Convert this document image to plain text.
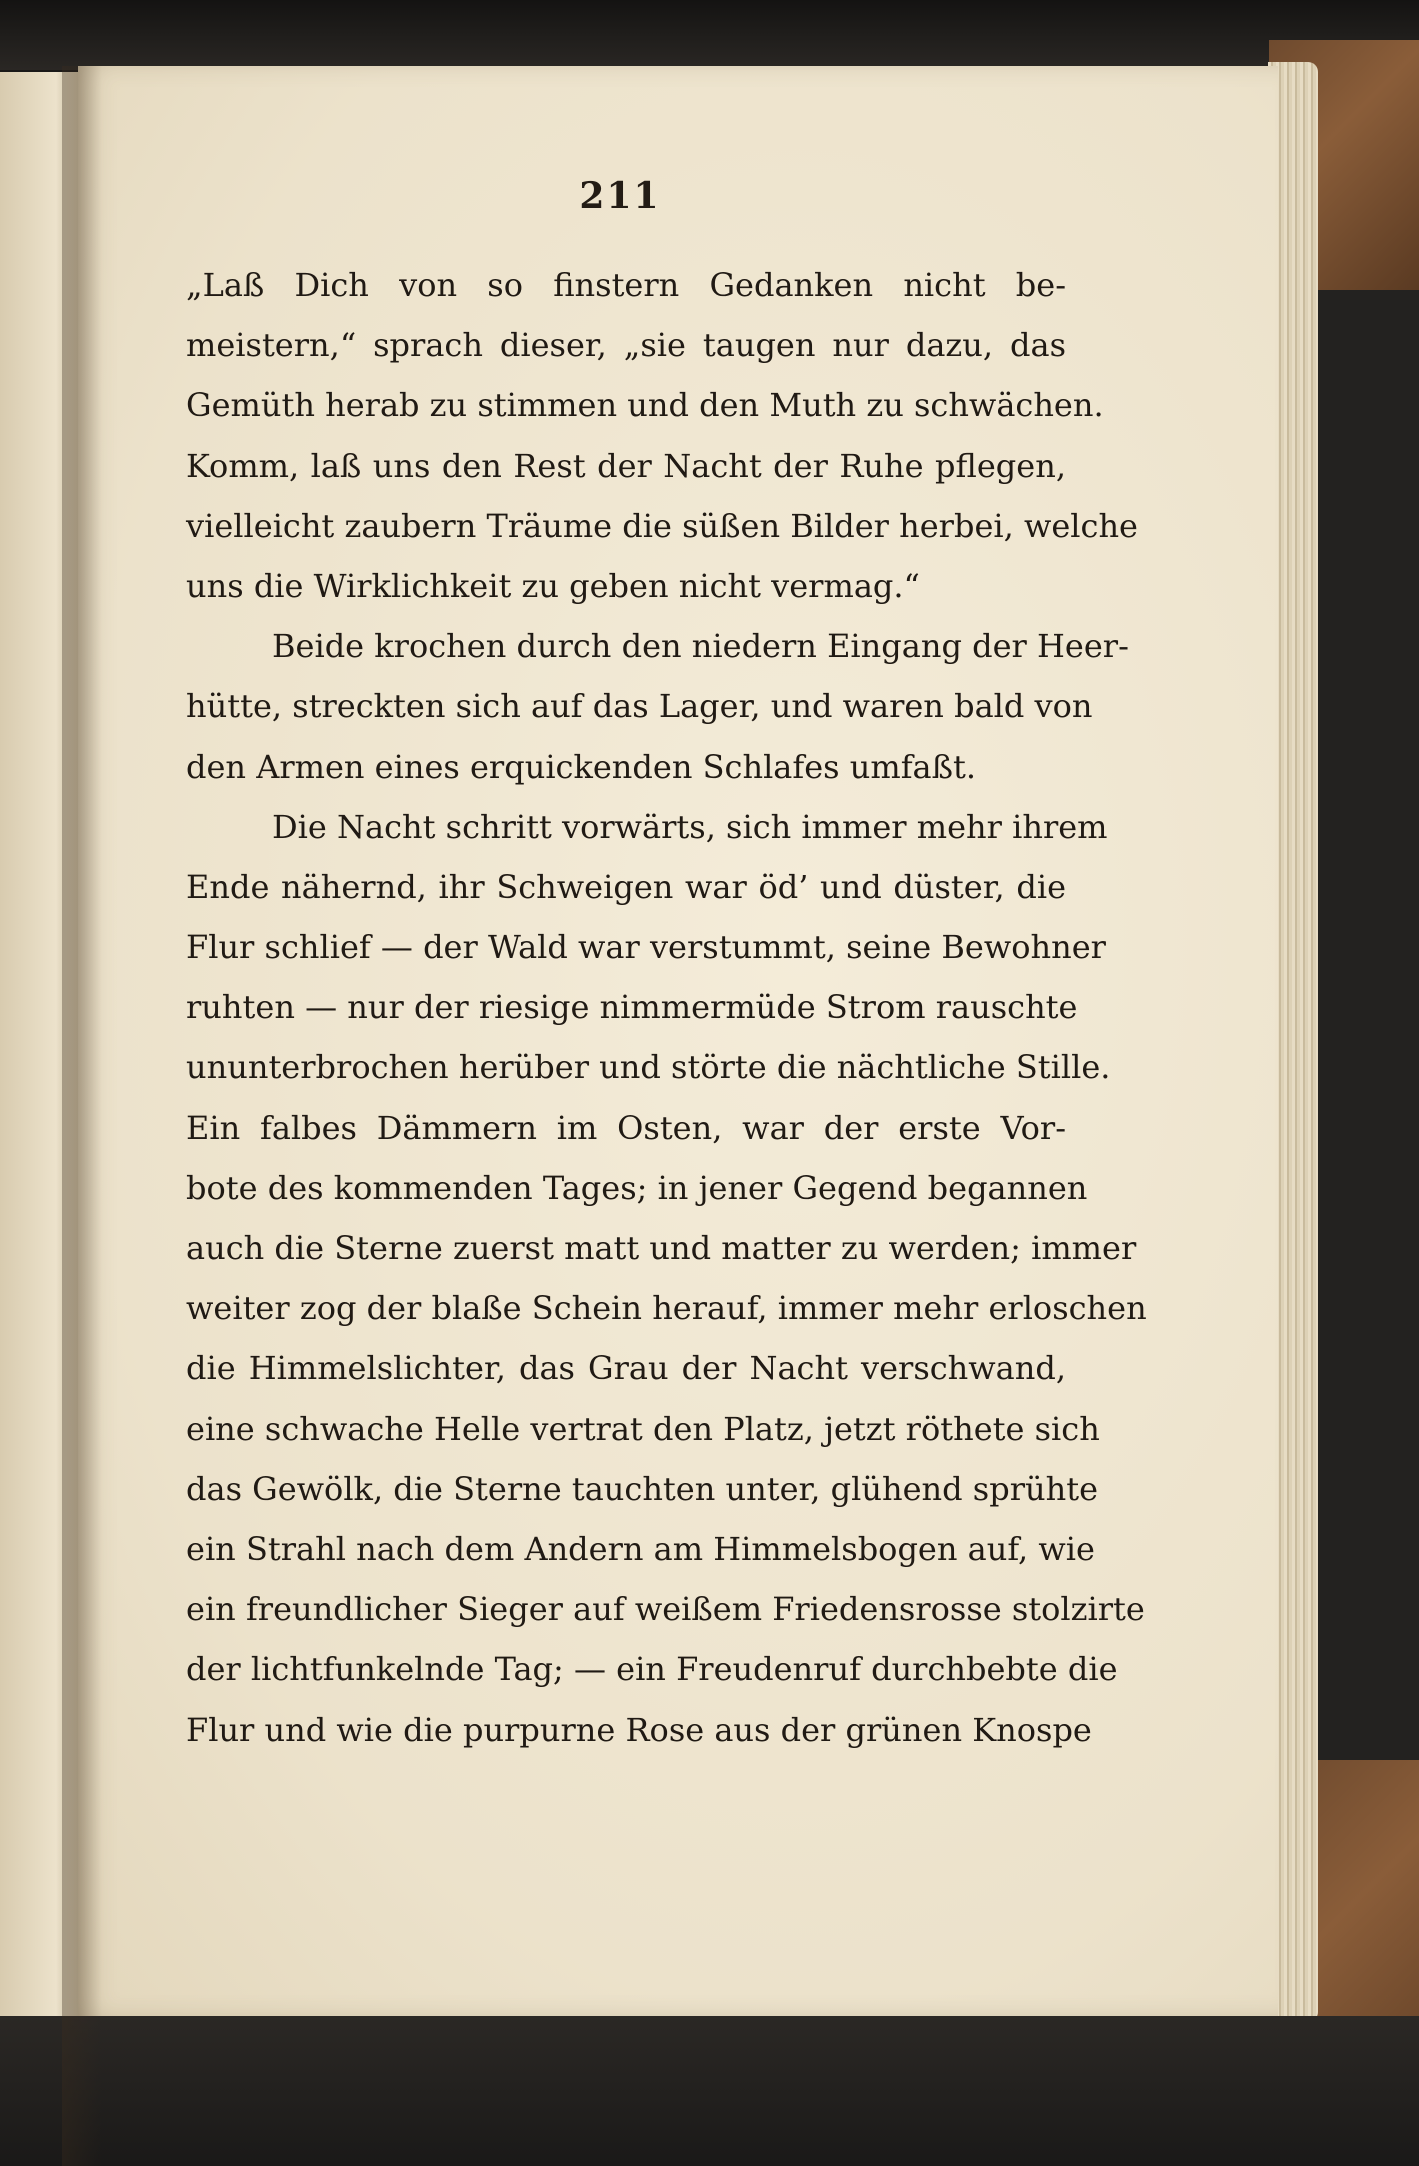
211
„Laß Dich von so finstern Gedanken nicht be-
meistern,“ sprach dieser, „sie taugen nur dazu, das
Gemüth herab zu stimmen und den Muth zu schwächen.
Komm, laß uns den Rest der Nacht der Ruhe pflegen,
vielleicht zaubern Träume die süßen Bilder herbei, welche
uns die Wirklichkeit zu geben nicht vermag.“
Beide krochen durch den niedern Eingang der Heer-
hütte, streckten sich auf das Lager, und waren bald von
den Armen eines erquickenden Schlafes umfaßt.
Die Nacht schritt vorwärts, sich immer mehr ihrem
Ende nähernd, ihr Schweigen war öd’ und düster, die
Flur schlief — der Wald war verstummt, seine Bewohner
ruhten — nur der riesige nimmermüde Strom rauschte
ununterbrochen herüber und störte die nächtliche Stille.
Ein falbes Dämmern im Osten, war der erste Vor-
bote des kommenden Tages; in jener Gegend begannen
auch die Sterne zuerst matt und matter zu werden; immer
weiter zog der blaße Schein herauf, immer mehr erloschen
die Himmelslichter, das Grau der Nacht verschwand,
eine schwache Helle vertrat den Platz, jetzt röthete sich
das Gewölk, die Sterne tauchten unter, glühend sprühte
ein Strahl nach dem Andern am Himmelsbogen auf, wie
ein freundlicher Sieger auf weißem Friedensrosse stolzirte
der lichtfunkelnde Tag; — ein Freudenruf durchbebte die
Flur und wie die purpurne Rose aus der grünen Knospe
